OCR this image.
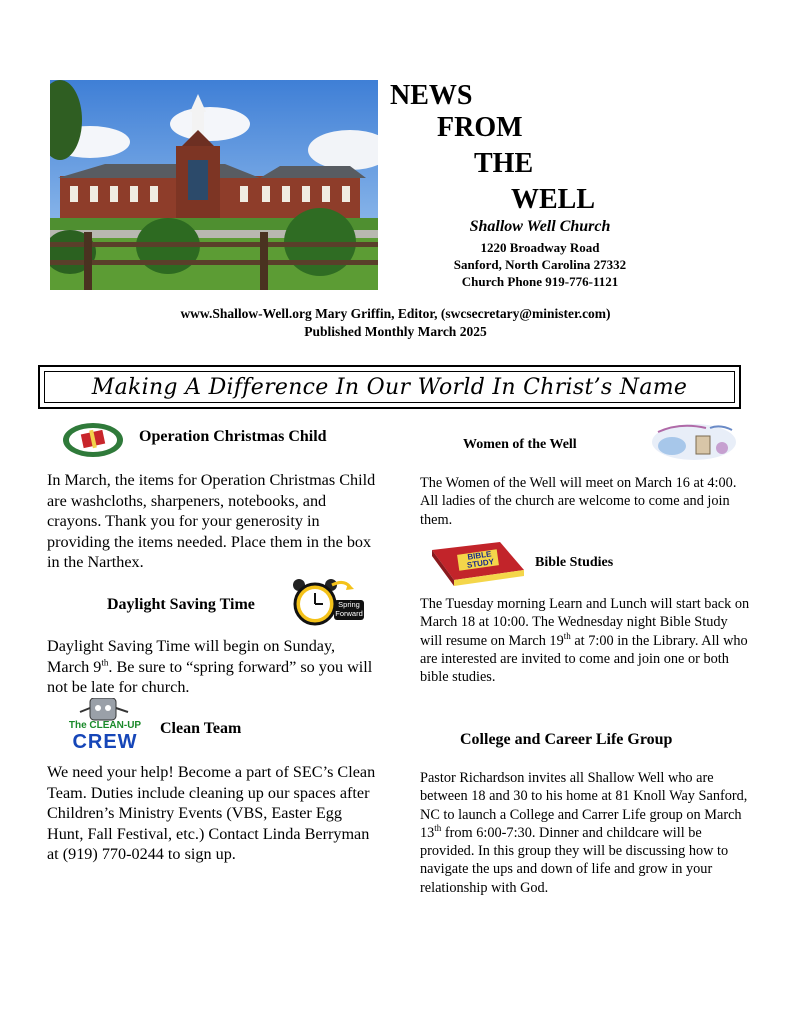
NEWS
FROM
THE
WELL
Shallow Well Church
1220 Broadway Road
Sanford, North Carolina 27332
Church Phone 919-776-1121
www.Shallow-Well.org Mary Griffin, Editor, (swcsecretary@minister.com)
Published Monthly March 2025
Making A Difference In Our World In Christ’s Name
Operation Christmas Child
In March, the items for Operation Christmas Child are washcloths, sharpeners, notebooks, and crayons. Thank you for your generosity in providing the items needed. Place them in the box in the Narthex.
Daylight Saving Time	Spring Forward
Daylight Saving Time will begin on Sunday, March 9th. Be sure to “spring forward” so you will not be late for church.
The CLEAN-UP
CREW
Clean Team
We need your help! Become a part of SEC’s Clean Team. Duties include cleaning up our spaces after Children’s Ministry Events (VBS, Easter Egg Hunt, Fall Festival, etc.) Contact Linda Berryman at (919) 770-0244 to sign up.
Women of the Well
The Women of the Well will meet on March 16 at 4:00. All ladies of the church are welcome to come and join them.
BIBLE STUDY	Bible Studies
The Tuesday morning Learn and Lunch will start back on March 18 at 10:00. The Wednesday night Bible Study will resume on March 19th at 7:00 in the Library. All who are interested are invited to come and join one or both bible studies.
College and Career Life Group
Pastor Richardson invites all Shallow Well who are between 18 and 30 to his home at 81 Knoll Way Sanford, NC to launch a College and Carrer Life group on March 13th from 6:00-7:30. Dinner and childcare will be provided. In this group they will be discussing how to navigate the ups and down of life and grow in your relationship with God.
